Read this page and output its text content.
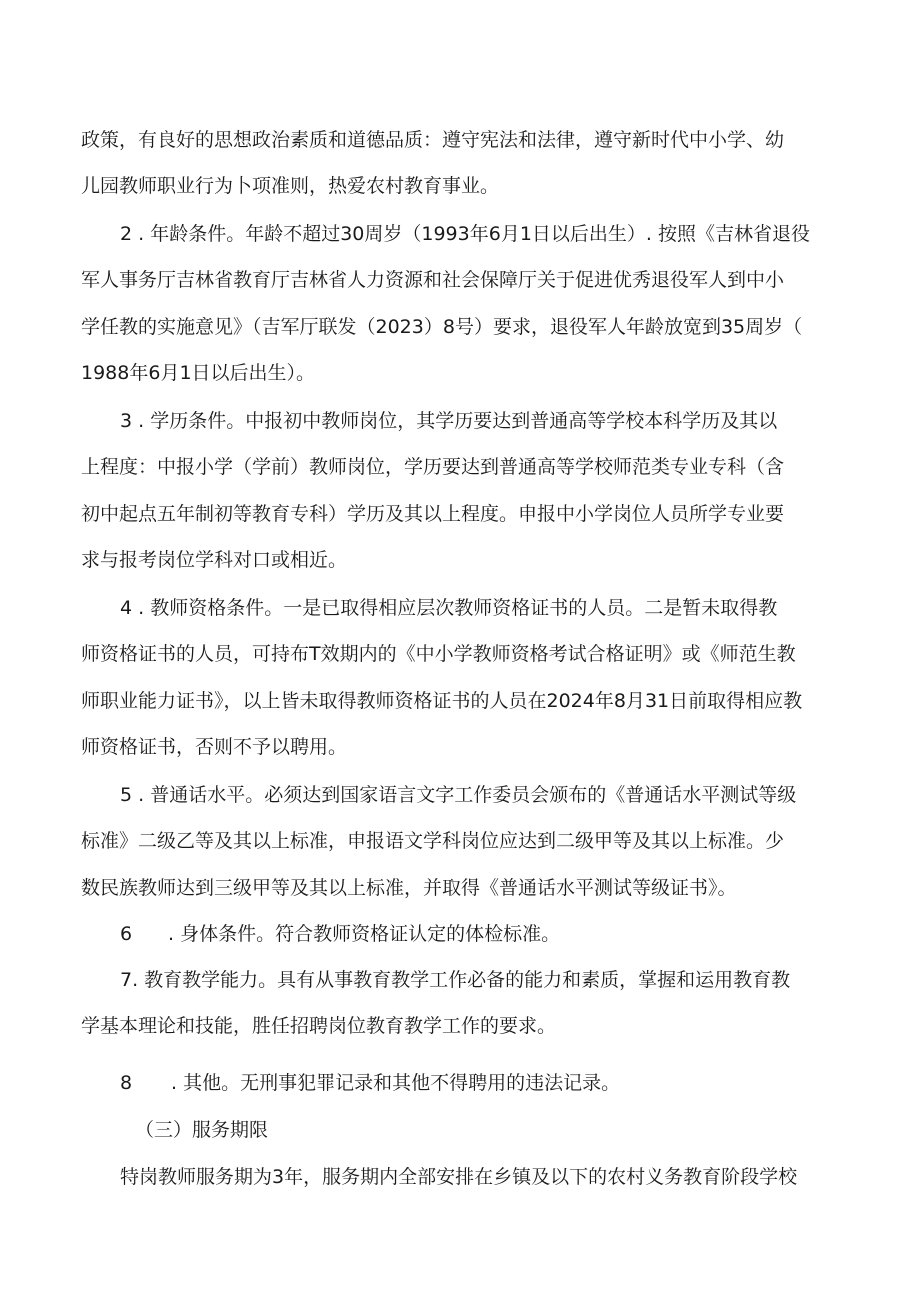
政策，有良好的思想政治素质和道德品质：遵守宪法和法律，遵守新时代中小学、幼
儿园教师职业行为卜项准则，热爱农村教育事业。
2 . 年龄条件。年龄不超过30周岁（1993年6月1日以后出生）. 按照《吉林省退役
军人事务厅吉林省教育厅吉林省人力资源和社会保障厅关于促进优秀退役军人到中小
学任教的实施意见》（吉军厅联发（2023）8号）要求，退役军人年龄放宽到35周岁（
1988年6月1日以后出生）。
3 . 学历条件。中报初中教师岗位，其学历要达到普通高等学校本科学历及其以
上程度：中报小学（学前）教师岗位，学历要达到普通高等学校师范类专业专科（含
初中起点五年制初等教育专科）学历及其以上程度。申报中小学岗位人员所学专业要
求与报考岗位学科对口或相近。
4 . 教师资格条件。一是已取得相应层次教师资格证书的人员。二是暂未取得教
师资格证书的人员，可持布T效期内的《中小学教师资格考试合格证明》或《师范生教
师职业能力证书》，以上皆未取得教师资格证书的人员在2024年8月31日前取得相应教
师资格证书，否则不予以聘用。
5 . 普通话水平。必须达到国家语言文字工作委员会颁布的《普通话水平测试等级
标准》二级乙等及其以上标准，申报语文学科岗位应达到二级甲等及其以上标准。少
数民族教师达到三级甲等及其以上标准，并取得《普通话水平测试等级证书》。
6 . 身体条件。符合教师资格证认定的体检标准。
7. 教育教学能力。具有从事教育教学工作必备的能力和素质，掌握和运用教育教
学基本理论和技能，胜任招聘岗位教育教学工作的要求。
8 . 其他。无刑事犯罪记录和其他不得聘用的违法记录。
（三）服务期限
特岗教师服务期为3年，服务期内全部安排在乡镇及以下的农村义务教育阶段学校
